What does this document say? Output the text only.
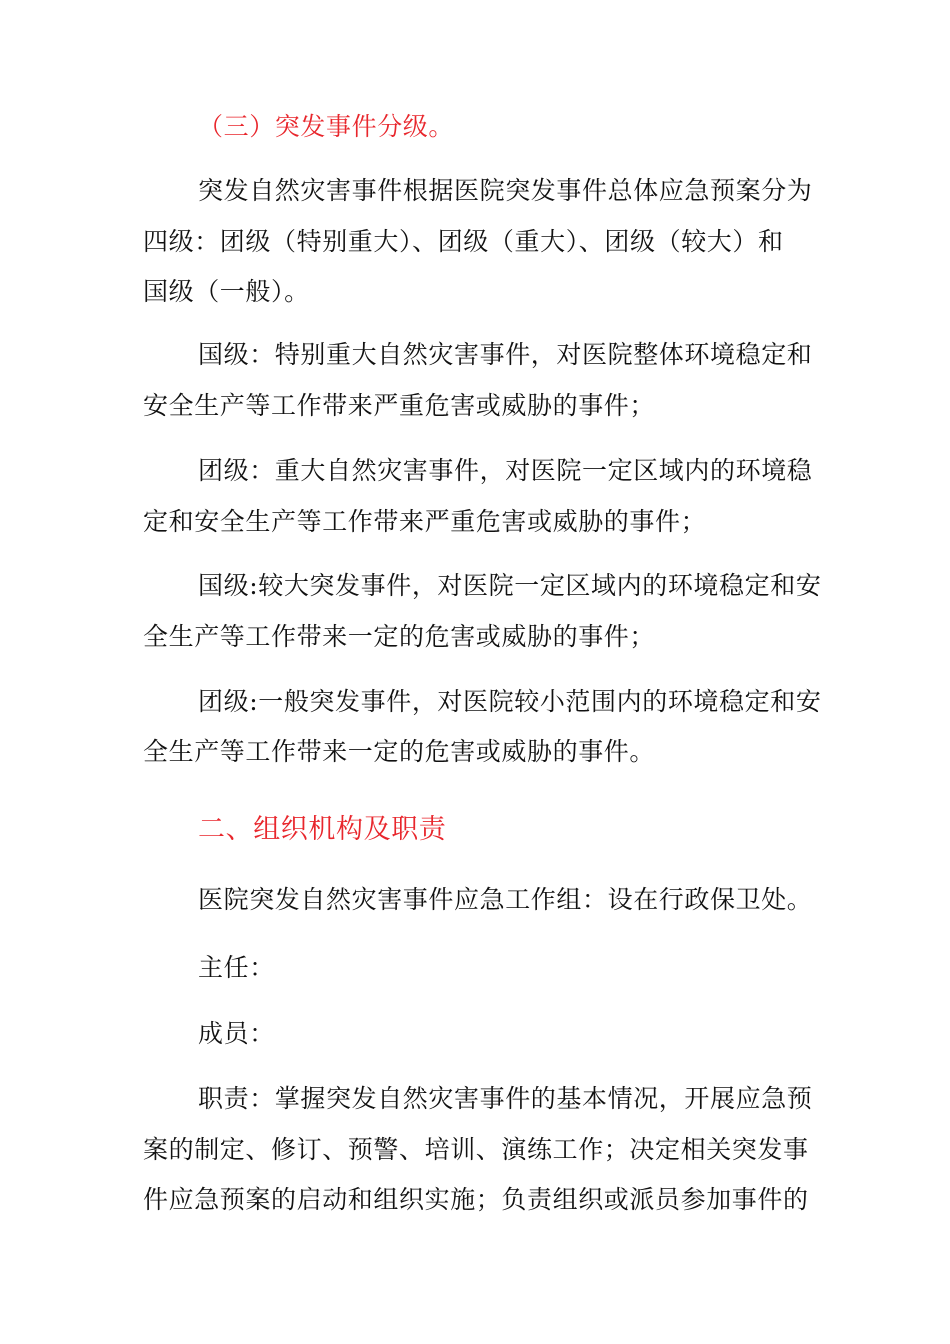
（三）突发事件分级。
突发自然灾害事件根据医院突发事件总体应急预案分为
四级：团级（特别重大）、团级（重大）、团级（较大）和
国级（一般）。
国级：特别重大自然灾害事件，对医院整体环境稳定和
安全生产等工作带来严重危害或威胁的事件；
团级：重大自然灾害事件，对医院一定区域内的环境稳
定和安全生产等工作带来严重危害或威胁的事件；
国级:较大突发事件，对医院一定区域内的环境稳定和安
全生产等工作带来一定的危害或威胁的事件；
团级:一般突发事件，对医院较小范围内的环境稳定和安
全生产等工作带来一定的危害或威胁的事件。
二、组织机构及职责
医院突发自然灾害事件应急工作组：设在行政保卫处。
主任：
成员：
职责：掌握突发自然灾害事件的基本情况，开展应急预
案的制定、修订、预警、培训、演练工作；决定相关突发事
件应急预案的启动和组织实施；负责组织或派员参加事件的
